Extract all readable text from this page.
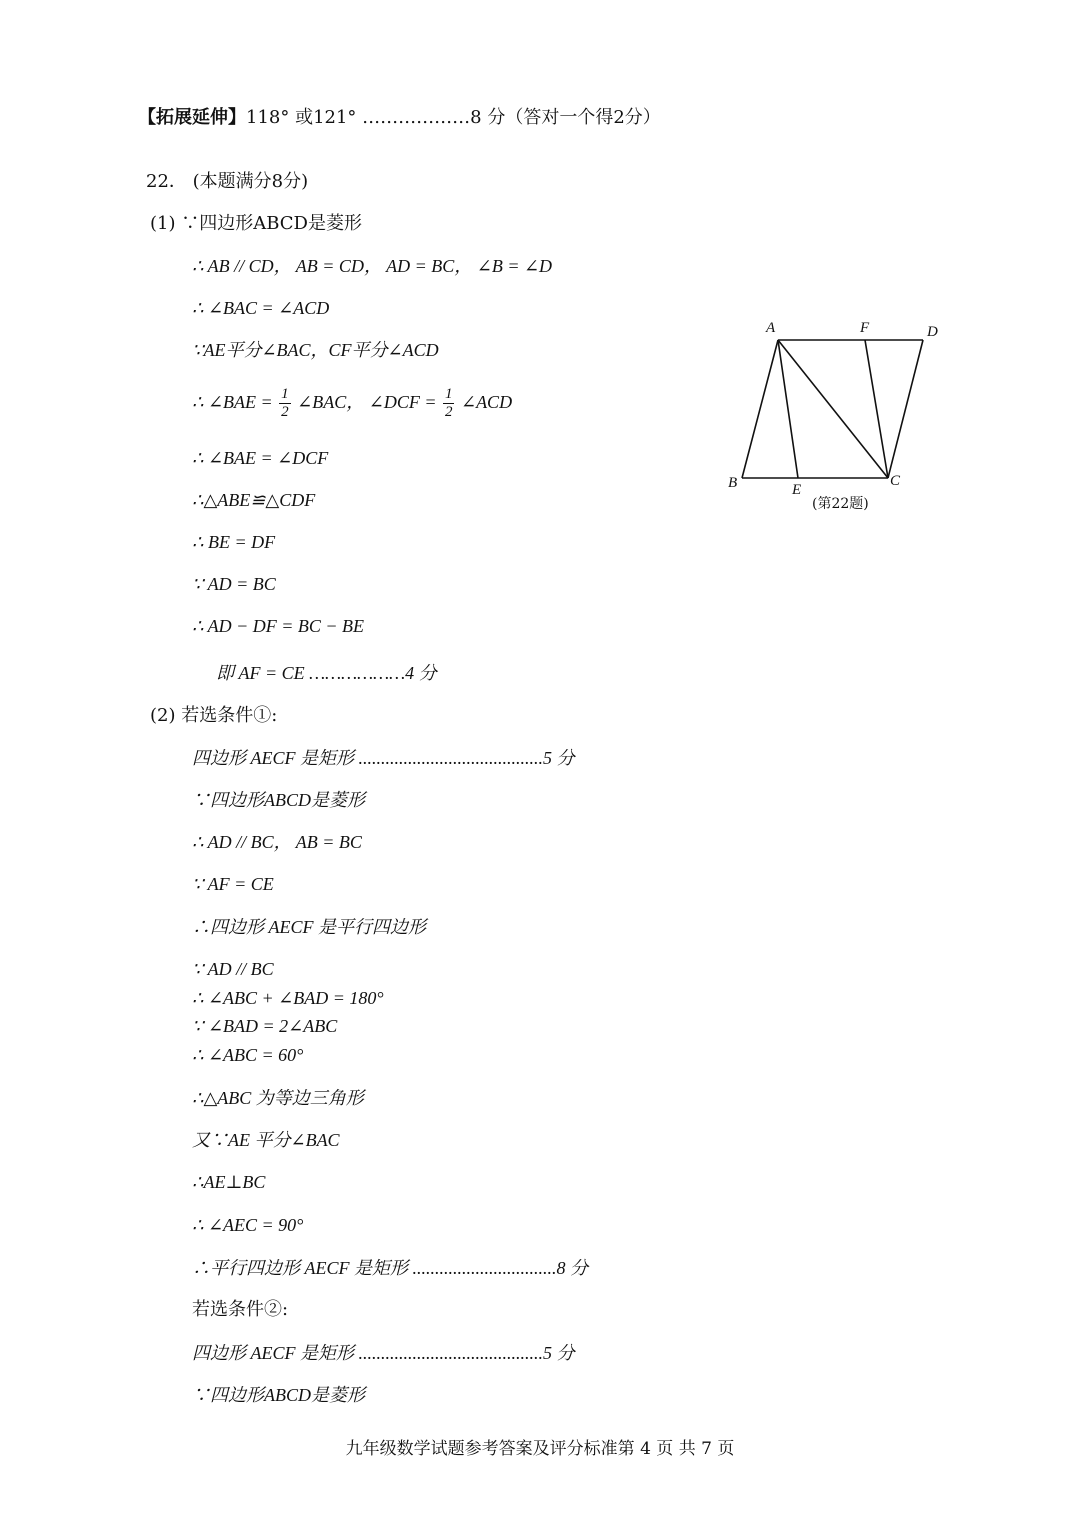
【拓展延伸】118° 或121° ………………8 分（答对一个得2分）
22． (本题满分8分)
(1) ∵四边形ABCD是菱形
∴ AB // CD， AB = CD， AD = BC， ∠B = ∠D
∴ ∠BAC = ∠ACD
∵AE平分∠BAC，CF平分∠ACD
∴ ∠BAE = $\frac{1}{2}$ ∠BAC， ∠DCF = $\frac{1}{2}$ ∠ACD
∴ ∠BAE = ∠DCF
∴△ABE≌△CDF
∴ BE = DF
∵ AD = BC
∴ AD − DF = BC − BE
即 AF = CE ………………4 分
(2) 若选条件①:
四边形 AECF 是矩形 .........................................5 分
∵四边形ABCD是菱形
∴ AD // BC， AB = BC
∵ AF = CE
∴四边形 AECF 是平行四边形
∵ AD // BC
∴ ∠ABC + ∠BAD = 180°
∵ ∠BAD = 2∠ABC
∴ ∠ABC = 60°
∴△ABC 为等边三角形
又∵AE 平分∠BAC
∴AE⊥BC
∴ ∠AEC = 90°
∴平行四边形 AECF 是矩形 ................................8 分
若选条件②:
四边形 AECF 是矩形 .........................................5 分
∵四边形ABCD是菱形
A	F	D
B	E
C
(第22题)
九年级数学试题参考答案及评分标准第 4 页 共 7 页
